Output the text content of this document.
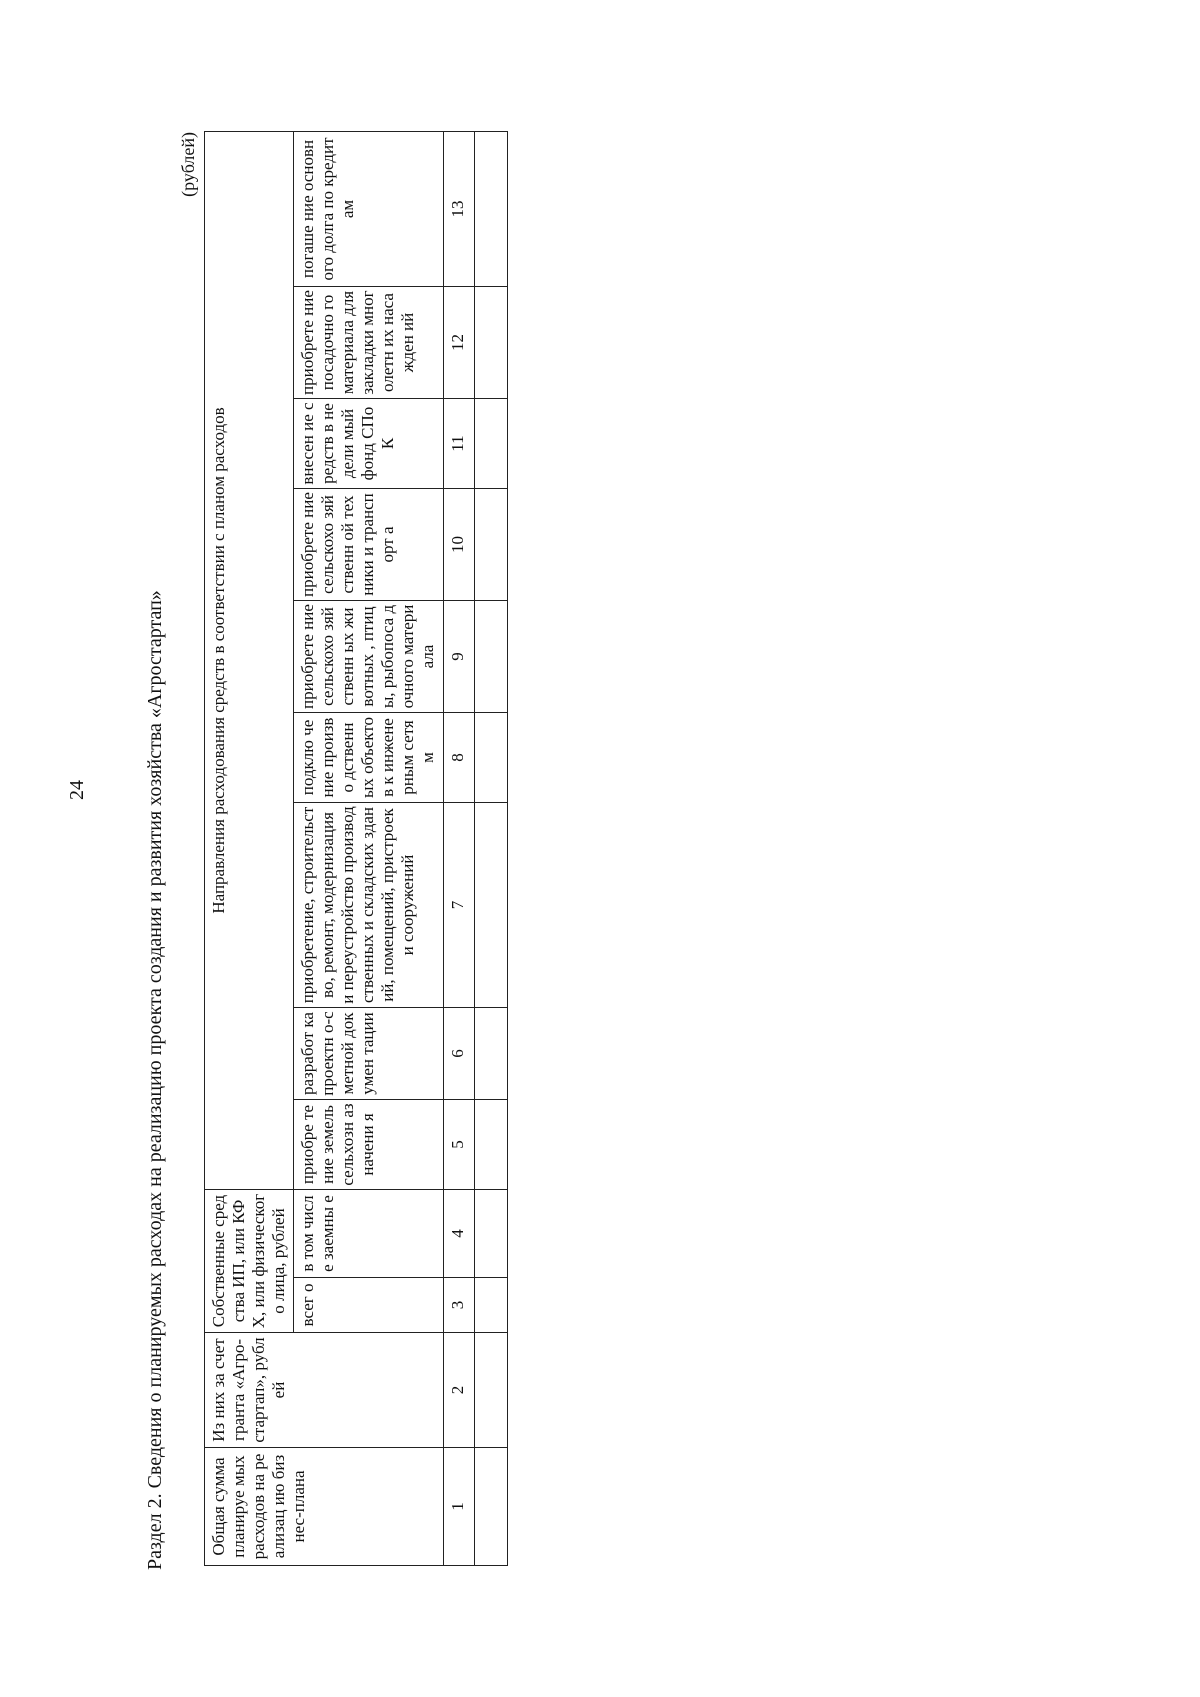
24	Раздел 2. Сведения о планируемых расходах на реализацию проекта создания и развития хозяйства «Агростартап»
(рублей)
Общая сумма планируе мых расходов на реализац ию бизнес-плана	Из них за счет гранта «Агро-стартап», рублей	Собственные средства ИП, или КФХ, или физического лица, рублей		Направления расходования средств в соответствии с планом расходов								
		всег о	в том числе заемны е	приобре тение земель сельхозн азначени я	разработ ка проектн о-сметной докумен тации	приобретение, строительство, ремонт, модернизация и переустройство производственных и складских зданий, помещений, пристроек и сооружений	подклю чение произво дственн ых объекто в к инжене рным сетям	приобрете ние сельскохо зяйственн ых животных , птицы, рыбопоса дочного материала	приобрете ние сельскохо зяйственн ой техники и транспорт а	внесен ие средств в недели мый фонд СПоК	приобрете ние посадочно го материала для закладки многолетн их насажден ий	погаше ние основн ого долга по кредит ам
1	2	3	4	5	6	7	8	9	10	11	12	13
